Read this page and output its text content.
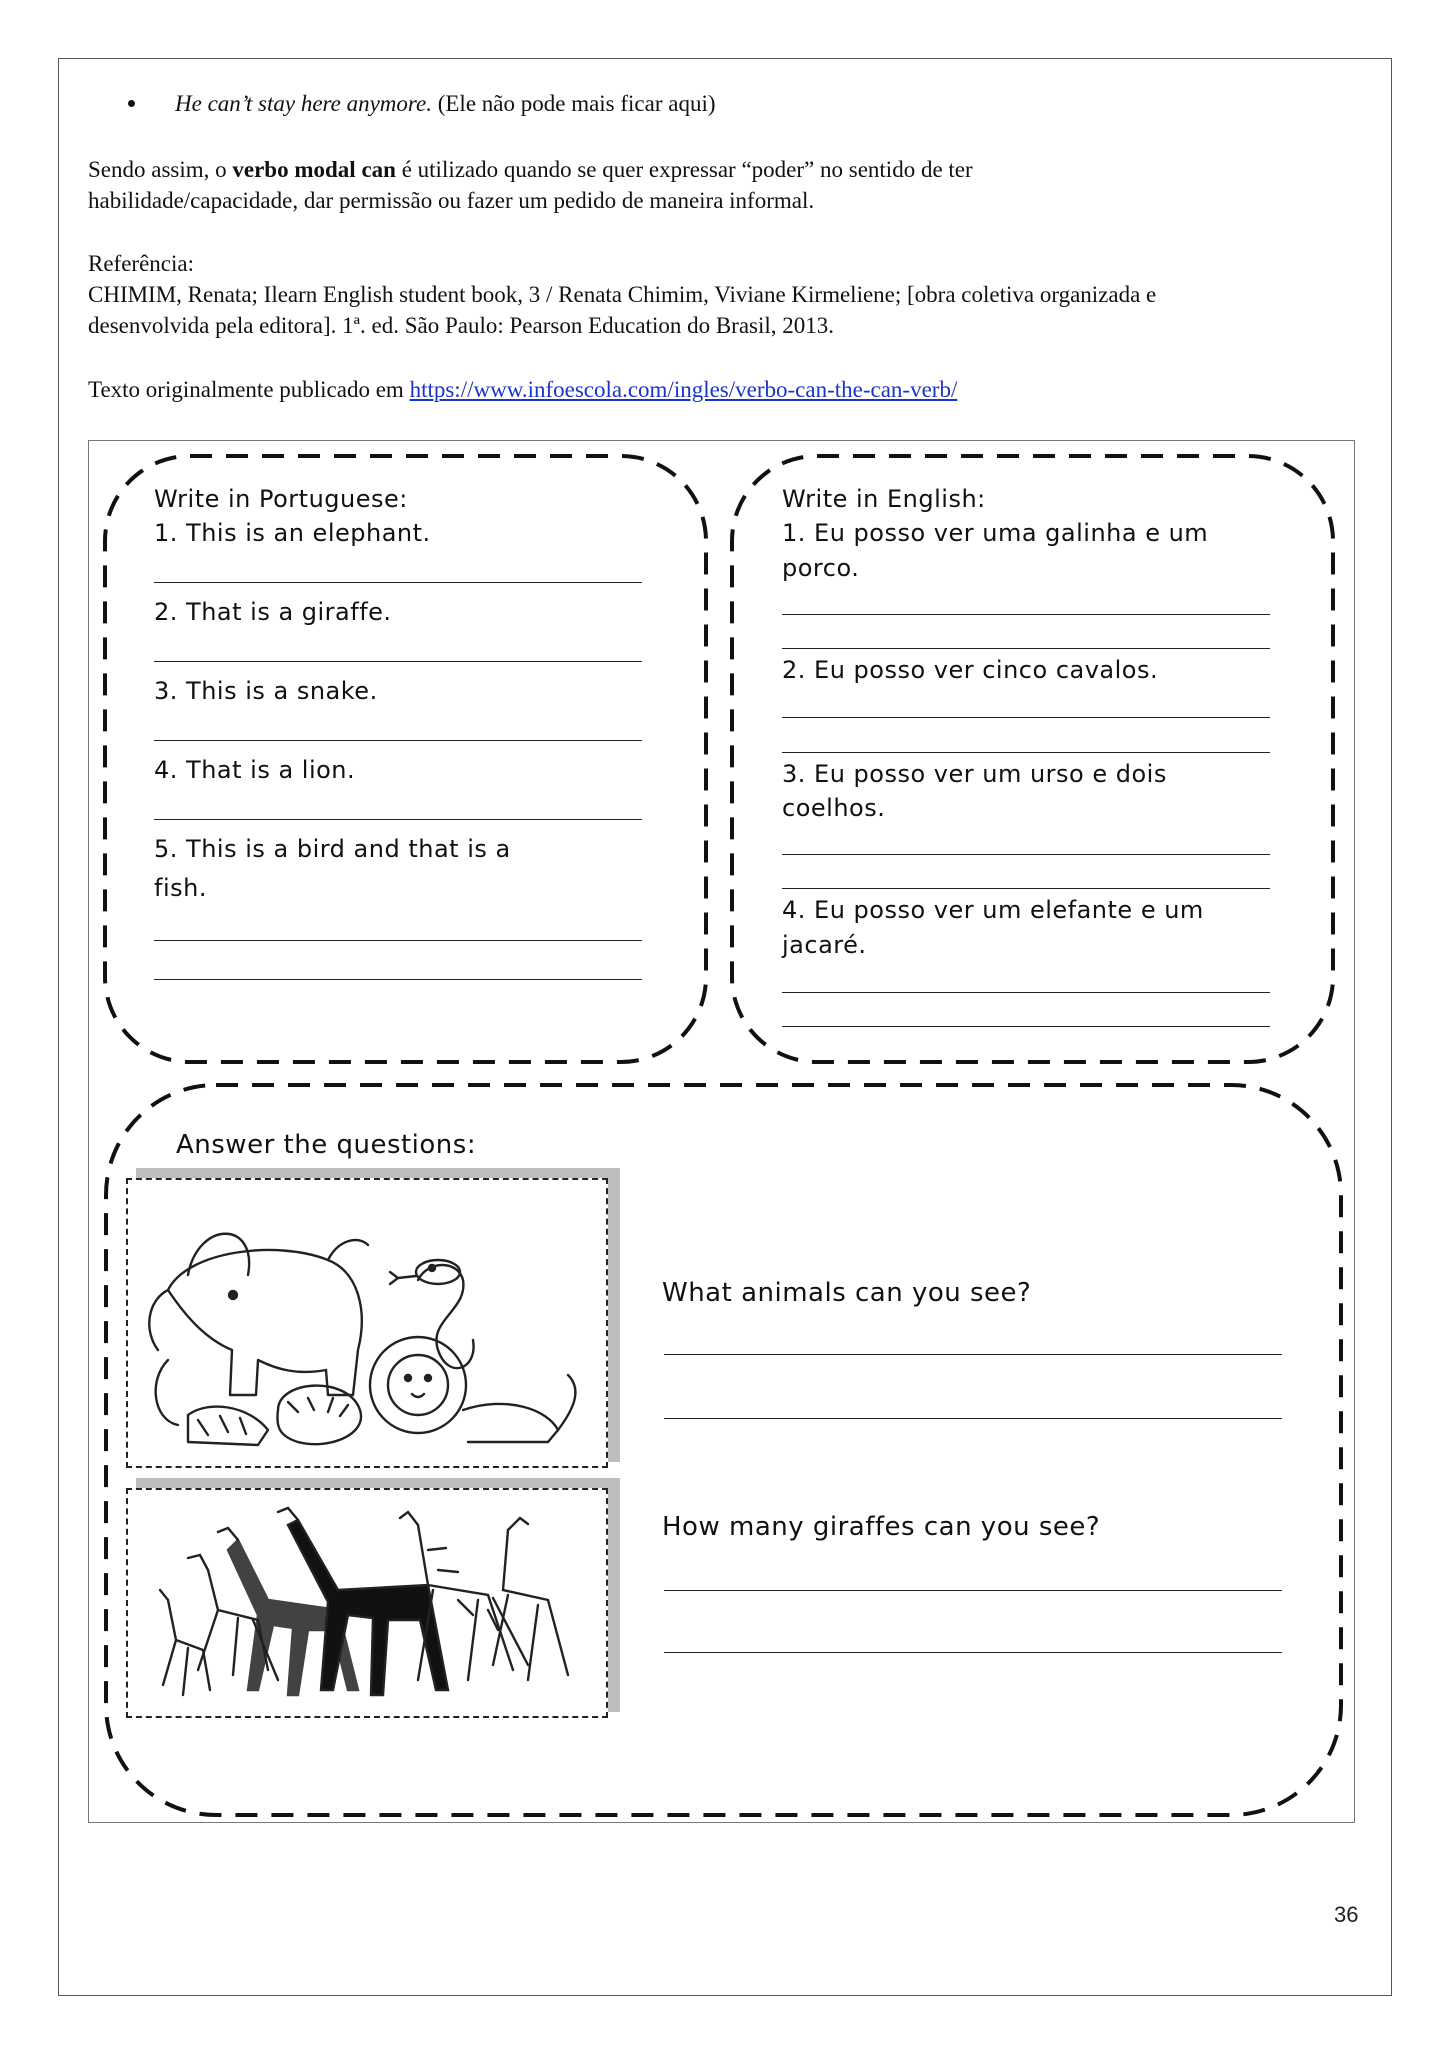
He can’t stay here anymore. (Ele não pode mais ficar aqui)
Sendo assim, o verbo modal can é utilizado quando se quer expressar “poder” no sentido de ter
habilidade/capacidade, dar permissão ou fazer um pedido de maneira informal.
Referência:
CHIMIM, Renata; Ilearn English student book, 3 / Renata Chimim, Viviane Kirmeliene; [obra coletiva organizada e
desenvolvida pela editora]. 1ª. ed. São Paulo: Pearson Education do Brasil, 2013.
Texto originalmente publicado em https://www.infoescola.com/ingles/verbo-can-the-can-verb/
Write in Portuguese:
1. This is an elephant.
2. That is a giraffe.
3. This is a snake.
4. That is a lion.
5. This is a bird and that is a
fish.
Write in English:
1. Eu posso ver uma galinha e um
porco.
2. Eu posso ver cinco cavalos.
3. Eu posso ver um urso e dois
coelhos.
4. Eu posso ver um elefante e um
jacaré.
Answer the questions:
What animals can you see?
How many giraffes can you see?
36
